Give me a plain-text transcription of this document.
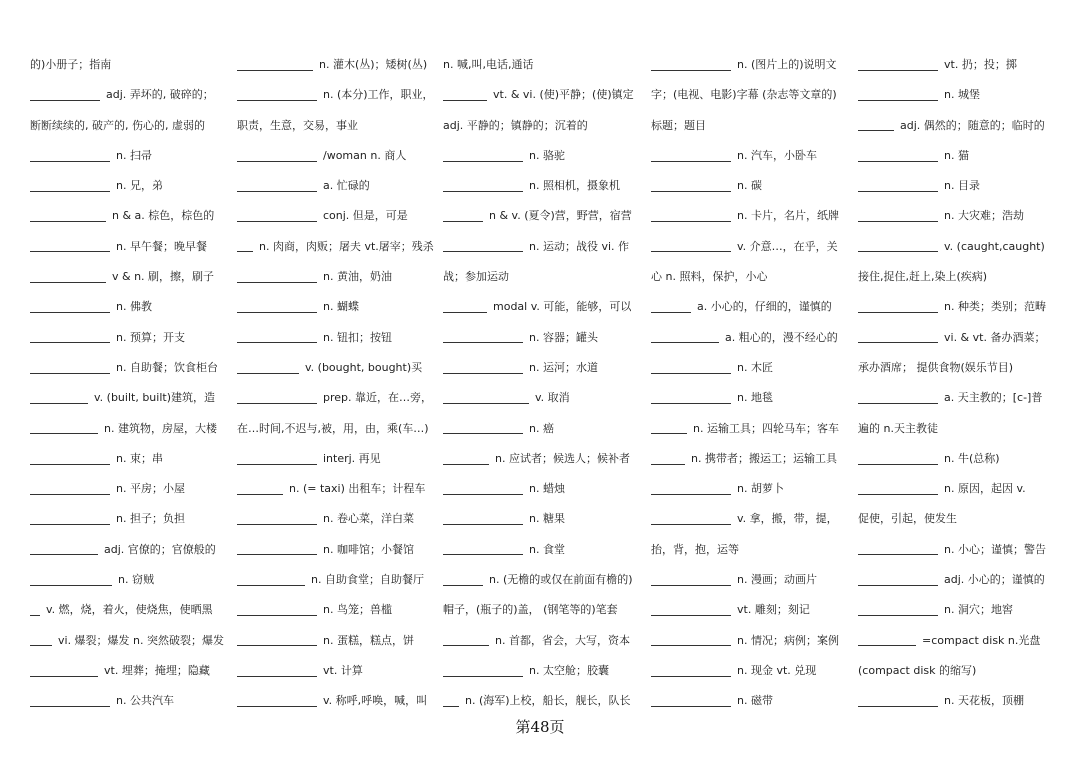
的)小册子；指南
adj. 弄坏的, 破碎的；
断断续续的, 破产的, 伤心的, 虚弱的
n. 扫帚
n. 兄，弟
n & a. 棕色，棕色的
n. 早午餐；晚早餐
v & n. 刷，擦，刷子
n. 佛教
n. 预算；开支
n. 自助餐；饮食柜台
v. (built, built)建筑，造
n. 建筑物，房屋，大楼
n. 束；串
n. 平房；小屋
n. 担子；负担
adj. 官僚的；官僚般的
n. 窃贼
v. 燃，烧，着火，使烧焦，使晒黑
vi. 爆裂；爆发 n. 突然破裂；爆发
vt. 埋葬；掩埋；隐藏
n. 公共汽车
n. 灌木(丛)；矮树(丛)
n. (本分)工作，职业，
职责，生意，交易，事业
/woman n. 商人
a. 忙碌的
conj. 但是，可是
n. 肉商，肉贩；屠夫 vt.屠宰；残杀
n. 黄油，奶油
n. 蝴蝶
n. 钮扣；按钮
v. (bought, bought)买
prep. 靠近，在…旁，
在…时间,不迟与,被，用，由，乘(车…)
interj. 再见
n. (= taxi) 出租车；计程车
n. 卷心菜，洋白菜
n. 咖啡馆；小餐馆
n. 自助食堂；自助餐厅
n. 鸟笼；兽槛
n. 蛋糕，糕点，饼
vt. 计算
v. 称呼,呼唤，喊，叫
n. 喊,叫,电话,通话
vt. & vi. (使)平静；(使)镇定
adj. 平静的；镇静的；沉着的
n. 骆驼
n. 照相机，摄象机
n & v. (夏令)营，野营，宿营
n. 运动；战役 vi. 作
战；参加运动
modal v. 可能，能够，可以
n. 容器；罐头
n. 运河；水道
v. 取消
n. 癌
n. 应试者；候选人；候补者
n. 蜡烛
n. 糖果
n. 食堂
n. (无檐的或仅在前面有檐的)
帽子，(瓶子的)盖， (钢笔等的)笔套
n. 首都，省会，大写，资本
n. 太空舱；胶囊
n. (海军)上校，船长，舰长，队长
n. (图片上的)说明文
字；(电视、电影)字幕 (杂志等文章的)
标题；题目
n. 汽车，小卧车
n. 碳
n. 卡片，名片，纸牌
v. 介意…，在乎，关
心 n. 照料，保护，小心
a. 小心的，仔细的，谨慎的
a. 粗心的，漫不经心的
n. 木匠
n. 地毯
n. 运输工具；四轮马车；客车
n. 携带者；搬运工；运输工具
n. 胡萝卜
v. 拿，搬，带，提，
抬，背，抱，运等
n. 漫画；动画片
vt. 雕刻；刻记
n. 情况；病例；案例
n. 现金 vt. 兑现
n. 磁带
vt. 扔；投；掷
n. 城堡
adj. 偶然的；随意的；临时的
n. 猫
n. 目录
n. 大灾难；浩劫
v. (caught,caught)
接住,捉住,赶上,染上(疾病)
n. 种类；类别；范畴
vi. & vt. 备办酒菜；
承办酒席； 提供食物(娱乐节目)
a. 天主教的；[c-]普
遍的 n.天主教徒
n. 牛(总称)
n. 原因，起因 v.
促使，引起，使发生
n. 小心；谨慎；警告
adj. 小心的；谨慎的
n. 洞穴；地窖
=compact disk n.光盘
(compact disk 的缩写)
n. 天花板，顶棚
第48页
